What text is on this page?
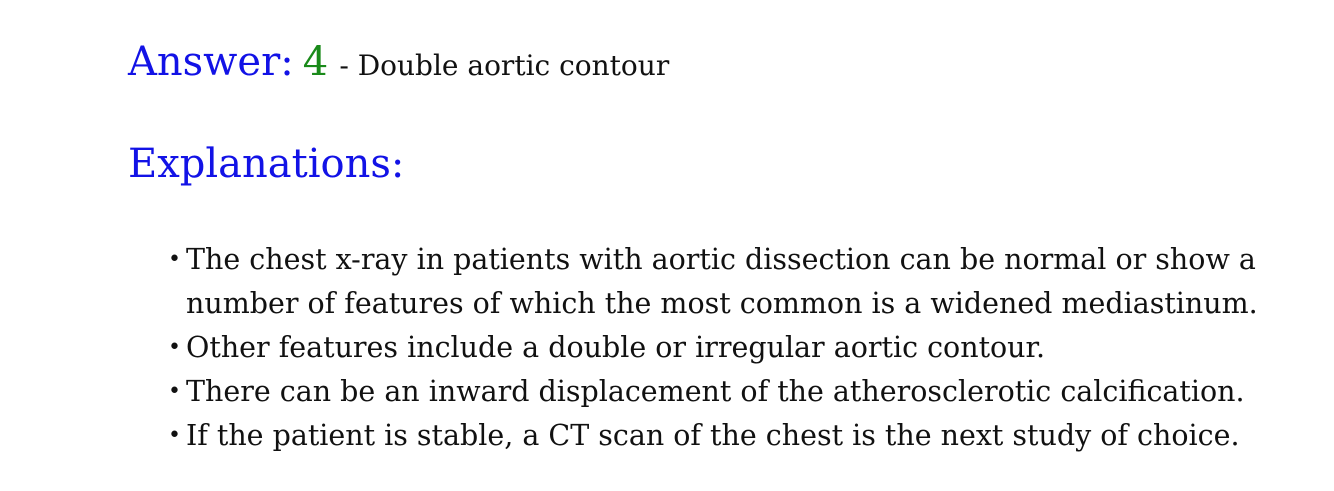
Answer: 4 - Double aortic contour
Explanations:
• The chest x-ray in patients with aortic dissection can be normal or show a number of features of which the most common is a widened mediastinum.
• Other features include a double or irregular aortic contour.
• There can be an inward displacement of the atherosclerotic calcification.
• If the patient is stable, a CT scan of the chest is the next study of choice.
